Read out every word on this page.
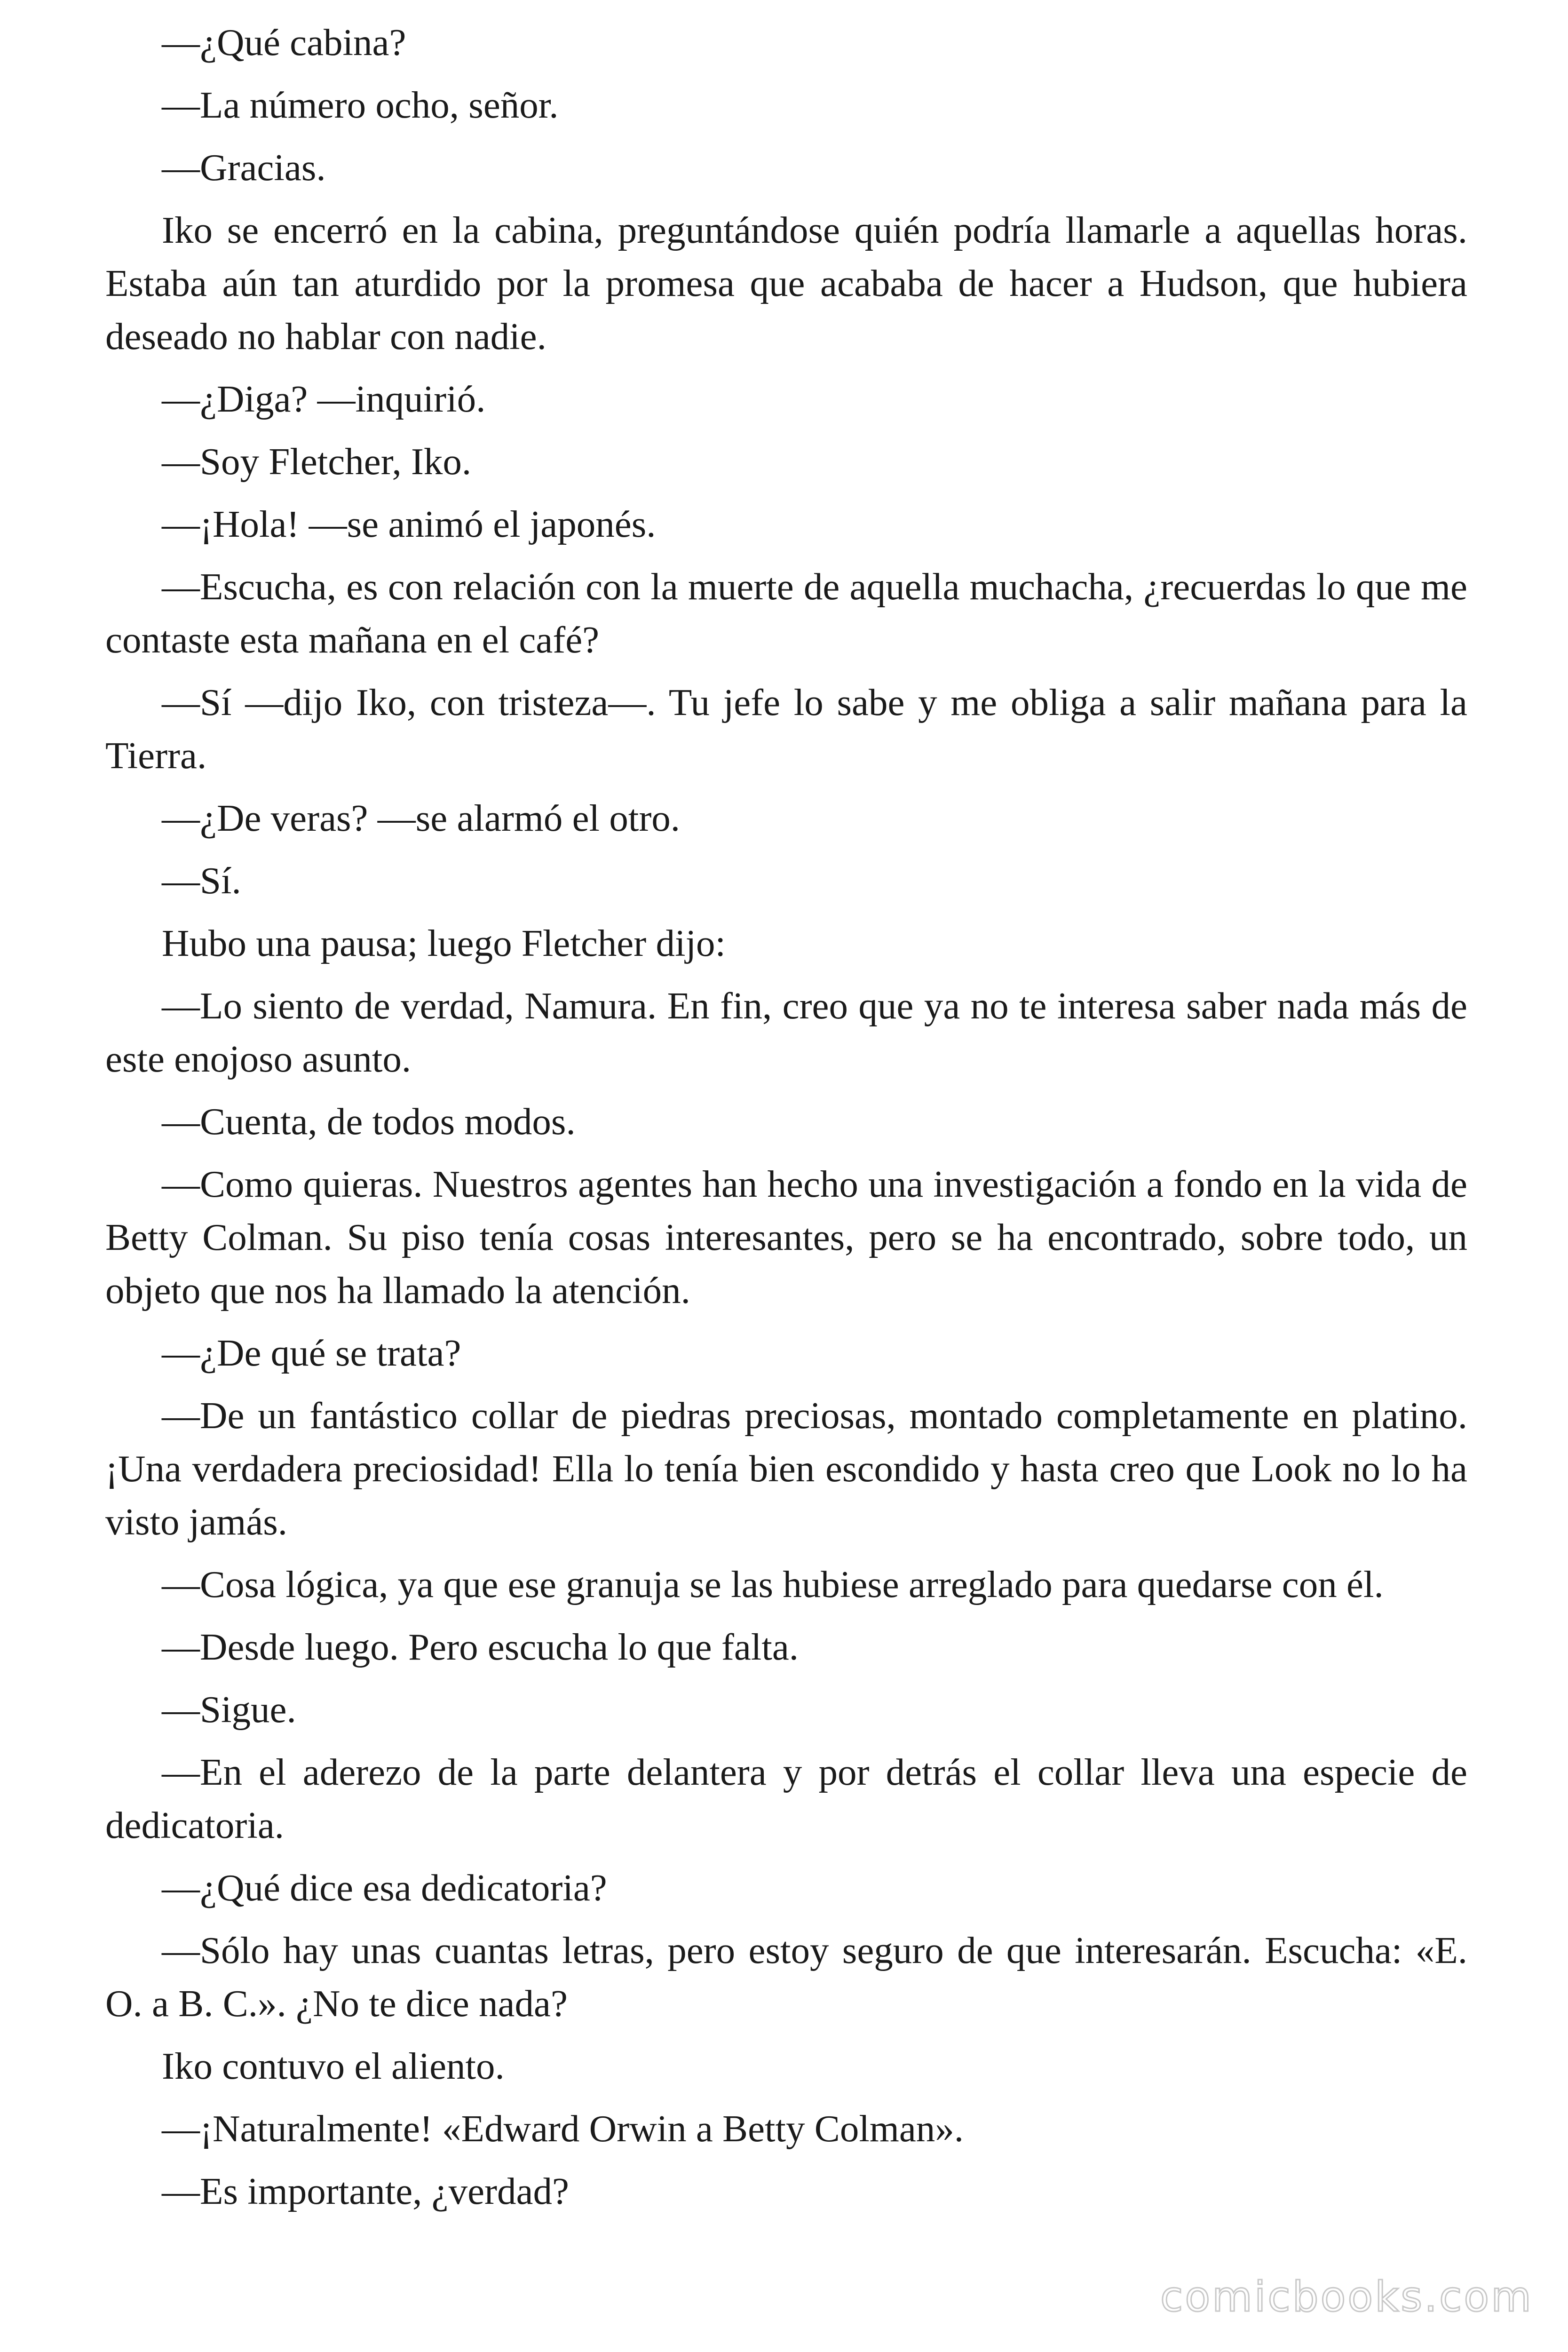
—¿Qué cabina?

—La número ocho, señor.

—Gracias.

Iko se encerró en la cabina, preguntándose quién podría llamarle a aquellas horas. Estaba aún tan aturdido por la promesa que acababa de hacer a Hudson, que hubiera deseado no hablar con nadie.

—¿Diga? —inquirió.

—Soy Fletcher, Iko.

—¡Hola! —se animó el japonés.

—Escucha, es con relación con la muerte de aquella muchacha, ¿recuerdas lo que me contaste esta mañana en el café?

—Sí —dijo Iko, con tristeza—. Tu jefe lo sabe y me obliga a salir mañana para la Tierra.

—¿De veras? —se alarmó el otro.

—Sí.

Hubo una pausa; luego Fletcher dijo:

—Lo siento de verdad, Namura. En fin, creo que ya no te interesa saber nada más de este enojoso asunto.

—Cuenta, de todos modos.

—Como quieras. Nuestros agentes han hecho una investigación a fondo en la vida de Betty Colman. Su piso tenía cosas interesantes, pero se ha encontrado, sobre todo, un objeto que nos ha llamado la atención.

—¿De qué se trata?

—De un fantástico collar de piedras preciosas, montado completamente en platino. ¡Una verdadera preciosidad! Ella lo tenía bien escondido y hasta creo que Look no lo ha visto jamás.

—Cosa lógica, ya que ese granuja se las hubiese arreglado para quedarse con él.

—Desde luego. Pero escucha lo que falta.

—Sigue.

—En el aderezo de la parte delantera y por detrás el collar lleva una especie de dedicatoria.

—¿Qué dice esa dedicatoria?

—Sólo hay unas cuantas letras, pero estoy seguro de que interesarán. Escucha: «E. O. a B. C.». ¿No te dice nada?

Iko contuvo el aliento.

—¡Naturalmente! «Edward Orwin a Betty Colman».

—Es importante, ¿verdad?

comicbooks.com
